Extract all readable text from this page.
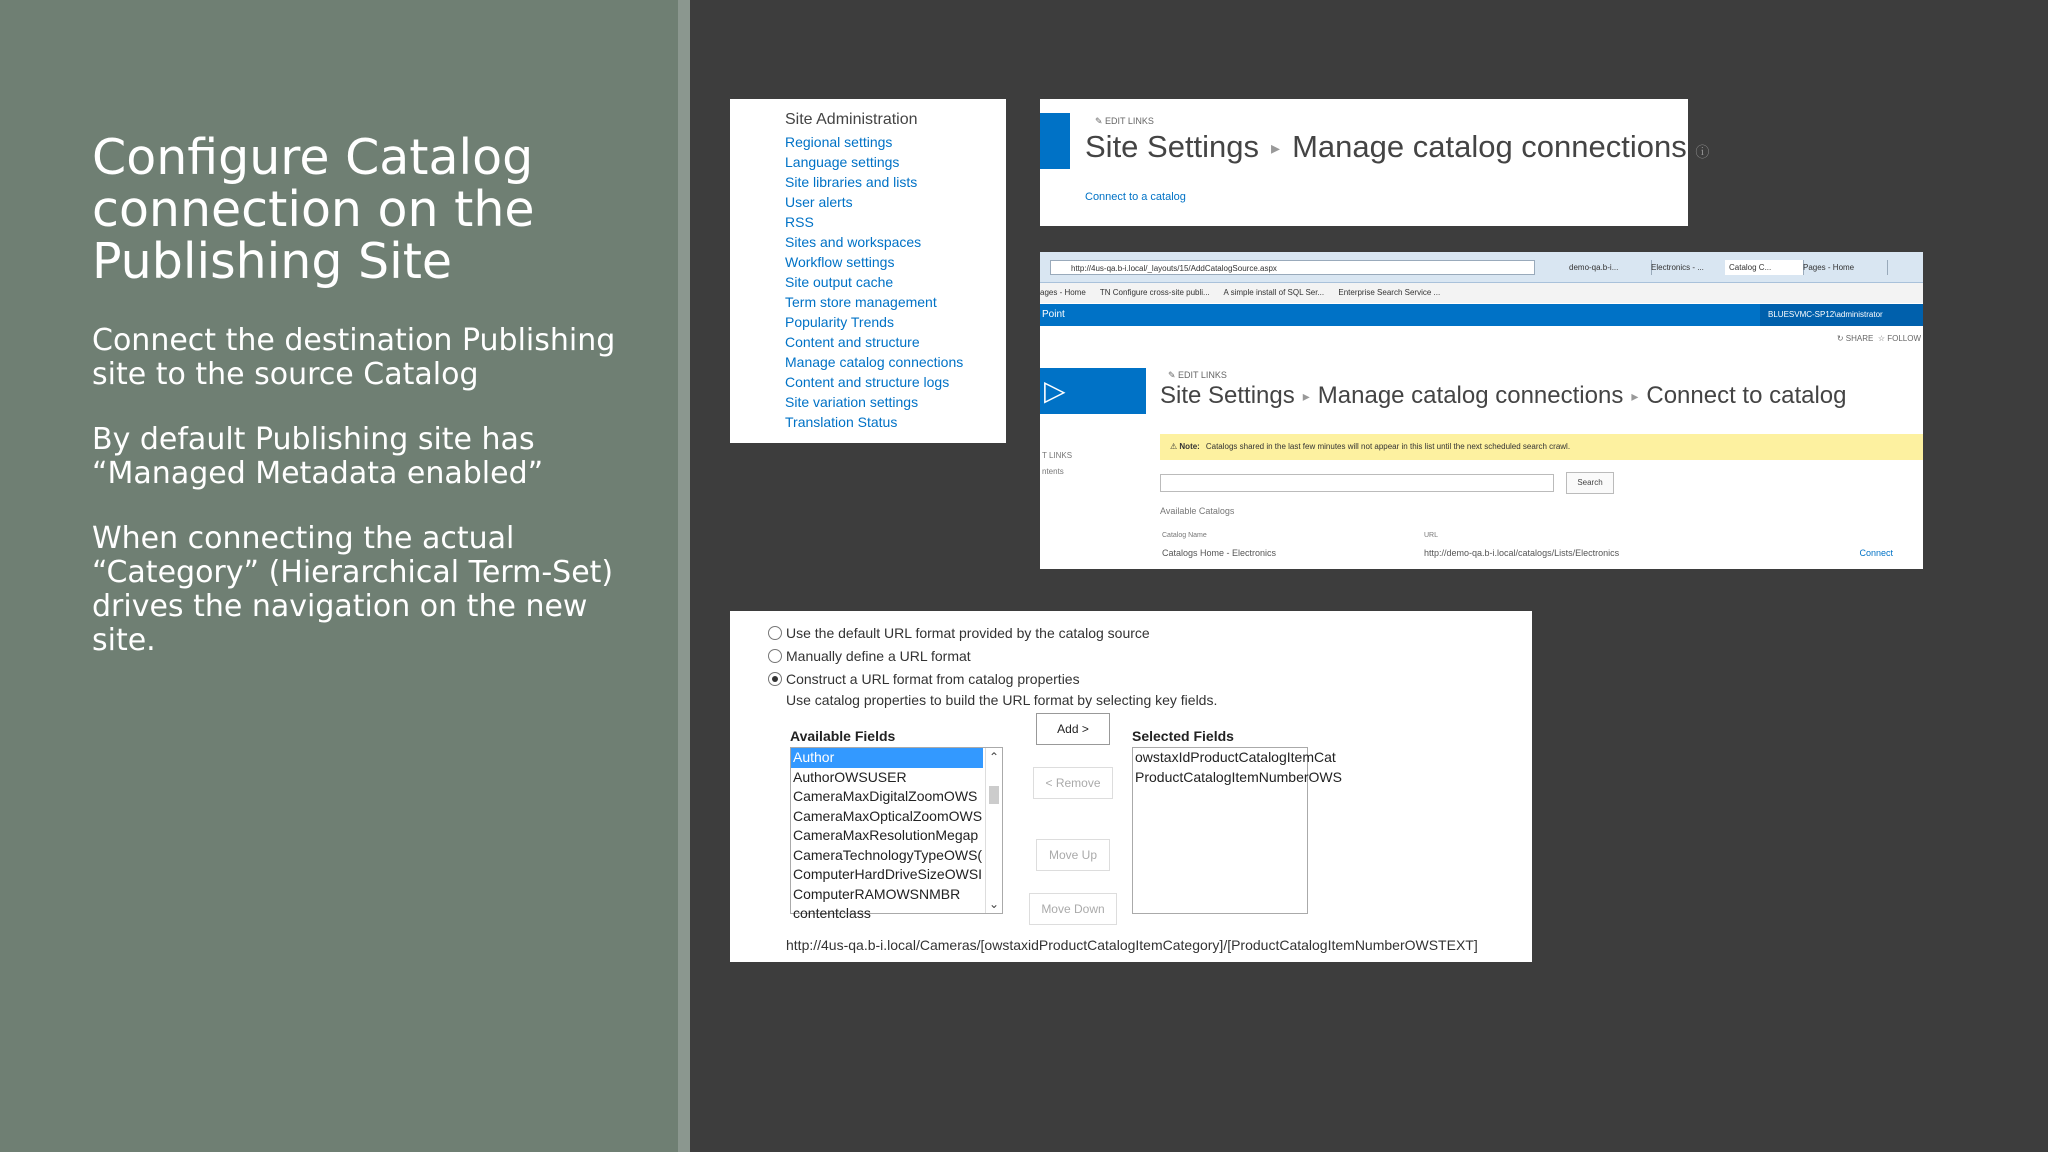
Configure Catalog connection on the Publishing Site

Connect the destination Publishing site to the source Catalog

By default Publishing site has “Managed Metadata enabled”

When connecting the actual “Category” (Hierarchical Term-Set) drives the navigation on the new site.

Site Administration
Regional settings
Language settings
Site libraries and lists
User alerts
RSS
Sites and workspaces
Workflow settings
Site output cache
Term store management
Popularity Trends
Content and structure
Manage catalog connections
Content and structure logs
Site variation settings
Translation Status
✎ EDIT LINKS
Site Settings ▸ Manage catalog connections ⓘ
Connect to a catalog
http://4us-qa.b-i.local/_layouts/15/AddCatalogSource.aspx	demo-qa.b-i...	Electronics - ...	Catalog C...	Pages - Home
ages - Home TN Configure cross-site publi... A simple install of SQL Ser... Enterprise Search Service ...
Point	BLUESVMC-SP12\administrator
↻ SHARE ☆ FOLLOW
▷	✎ EDIT LINKS
Site Settings ▸ Manage catalog connections ▸ Connect to catalog
T LINKS
ntents
⚠ Note: Catalogs shared in the last few minutes will not appear in this list until the next scheduled search crawl.
Search
Available Catalogs
Catalog Name	URL
Catalogs Home - Electronics	http://demo-qa.b-i.local/catalogs/Lists/Electronics	Connect
Use the default URL format provided by the catalog source
Manually define a URL format
Construct a URL format from catalog properties
Use catalog properties to build the URL format by selecting key fields.
Available Fields
Author
AuthorOWSUSER
CameraMaxDigitalZoomOWS
CameraMaxOpticalZoomOWS
CameraMaxResolutionMegap
CameraTechnologyTypeOWS(
ComputerHardDriveSizeOWSI
ComputerRAMOWSNMBR
contentclass
⌃
⌄
Add >
< Remove
Move Up
Move Down
Selected Fields
owstaxIdProductCatalogItemCat
ProductCatalogItemNumberOWS
http://4us-qa.b-i.local/Cameras/[owstaxidProductCatalogItemCategory]/[ProductCatalogItemNumberOWSTEXT]
